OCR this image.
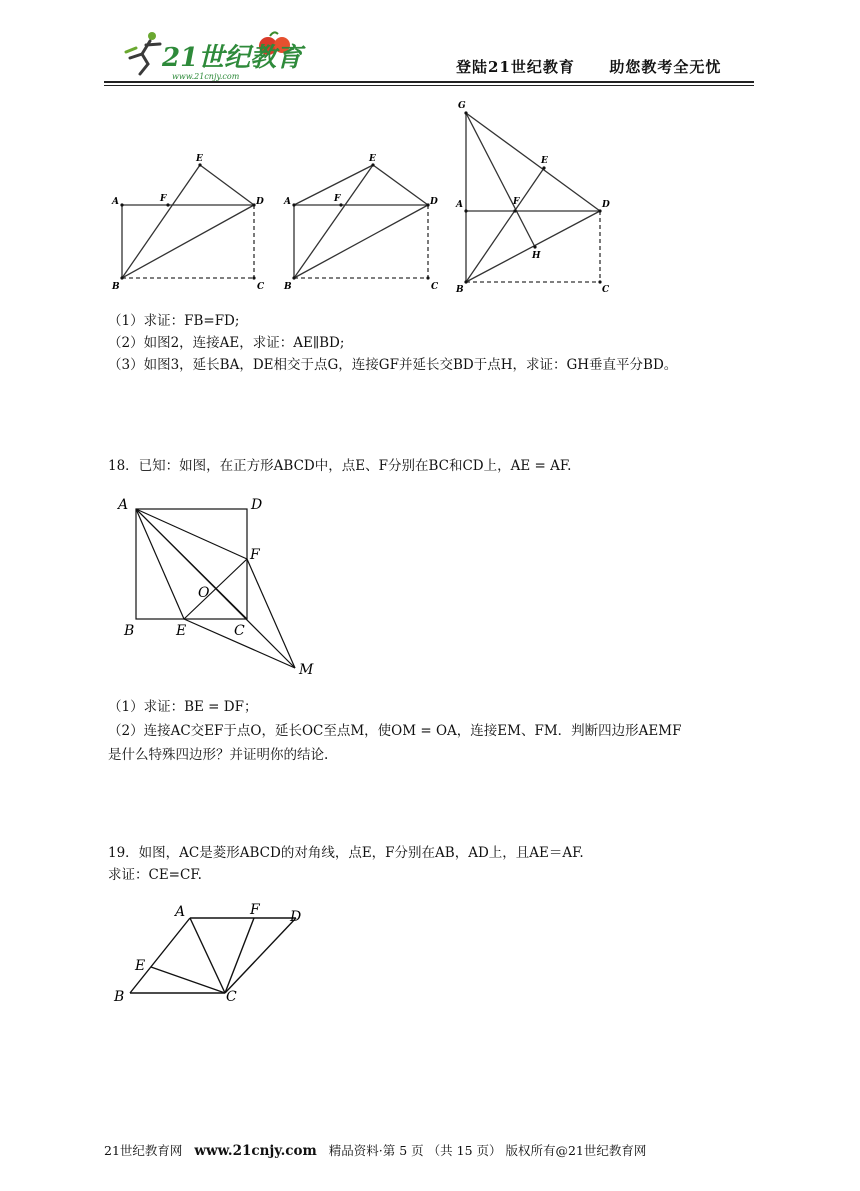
21世纪教育
www.21cnjy.com
登陆21世纪教育 助您教考全无忧
A	F
E
D
B	C
A	F
E
D
B	C
G
E
A	F	D
H
B	C
（1）求证：FB=FD;
（2）如图2，连接AE，求证：AE∥BD;
（3）如图3，延长BA，DE相交于点G，连接GF并延长交BD于点H，求证：GH垂直平分BD。
18．已知：如图，在正方形ABCD中，点E、F分别在BC和CD上，AE = AF.
A	D
F
O
B	E	C
M
（1）求证：BE = DF；
（2）连接AC交EF于点O，延长OC至点M，使OM = OA，连接EM、FM．判断四边形AEMF
是什么特殊四边形？并证明你的结论.
19．如图，AC是菱形ABCD的对角线，点E，F分别在AB，AD上，且AE＝AF.
求证：CE=CF.
A	F D
E
B	C
21世纪教育网 www.21cnjy.com 精品资料·第 5 页 （共 15 页） 版权所有@21世纪教育网
